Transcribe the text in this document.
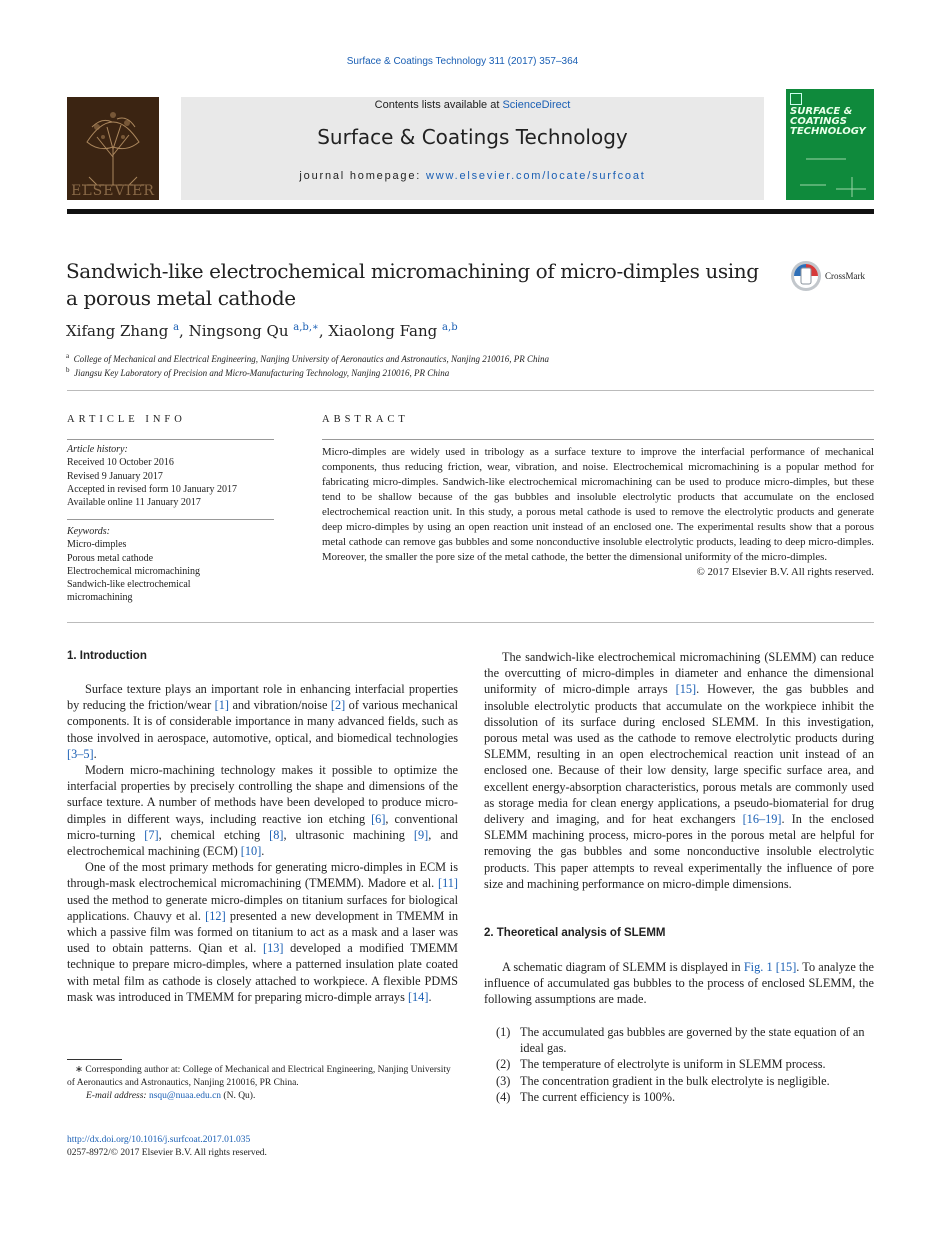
Surface & Coatings Technology 311 (2017) 357–364
ELSEVIER
Contents lists available at ScienceDirect
Surface & Coatings Technology
journal homepage: www.elsevier.com/locate/surfcoat
SURFACE & COATINGS TECHNOLOGY
Sandwich-like electrochemical micromachining of micro-dimples using a porous metal cathode
CrossMark
Xifang Zhang $^a$, Ningsong Qu $^{a,b,∗}$, Xiaolong Fang $^{a,b}$
$^a$ College of Mechanical and Electrical Engineering, Nanjing University of Aeronautics and Astronautics, Nanjing 210016, PR China
$^b$ Jiangsu Key Laboratory of Precision and Micro-Manufacturing Technology, Nanjing 210016, PR China
ARTICLE INFO
Article history:
Received 10 October 2016
Revised 9 January 2017
Accepted in revised form 10 January 2017
Available online 11 January 2017
Keywords:
Micro-dimples
Porous metal cathode
Electrochemical micromachining
Sandwich-like electrochemical micromachining
ABSTRACT
Micro-dimples are widely used in tribology as a surface texture to improve the interfacial performance of mechanical components, thus reducing friction, wear, vibration, and noise. Electrochemical micromachining is a popular method for fabricating micro-dimples. Sandwich-like electrochemical micromachining can be used to produce micro-dimples, but these tend to be shallow because of the gas bubbles and insoluble electrolytic products that accumulate on the enclosed electrochemical reaction unit. In this study, a porous metal cathode is used to remove the electrolytic products and generate deep micro-dimples by using an open reaction unit instead of an enclosed one. The experimental results show that a porous metal cathode can remove gas bubbles and some nonconductive insoluble electrolytic products, leading to deep micro-dimples. Moreover, the smaller the pore size of the metal cathode, the better the dimensional uniformity of the micro-dimples.
© 2017 Elsevier B.V. All rights reserved.
1. Introduction

Surface texture plays an important role in enhancing interfacial properties by reducing the friction/wear [1] and vibration/noise [2] of various mechanical components. It is of considerable importance in many advanced fields, such as those involved in aerospace, automotive, optical, and biomedical technologies [3–5].

Modern micro-machining technology makes it possible to optimize the interfacial properties by precisely controlling the shape and dimensions of the surface texture. A number of methods have been developed to produce micro-dimples in different ways, including reactive ion etching [6], conventional micro-turning [7], chemical etching [8], ultrasonic machining [9], and electrochemical machining (ECM) [10].

One of the most primary methods for generating micro-dimples in ECM is through-mask electrochemical micromachining (TMEMM). Madore et al. [11] used the method to generate micro-dimples on titanium surfaces for biological applications. Chauvy et al. [12] presented a new development in TMEMM in which a passive film was formed on titanium to act as a mask and a laser was used to obtain patterns. Qian et al. [13] developed a modified TMEMM technique to prepare micro-dimples, where a patterned insulation plate coated with metal film as cathode is closely attached to workpiece. A flexible PDMS mask was introduced in TMEMM for preparing micro-dimple arrays [14].

The sandwich-like electrochemical micromachining (SLEMM) can reduce the overcutting of micro-dimples in diameter and enhance the dimensional uniformity of micro-dimple arrays [15]. However, the gas bubbles and insoluble electrolytic products that accumulate on the workpiece inhibit the dissolution of its surface during enclosed SLEMM. In this investigation, porous metal was used as the cathode to remove electrolytic products during SLEMM, resulting in an open electrochemical reaction unit instead of an enclosed one. Because of their low density, large specific surface area, and excellent energy-absorption characteristics, porous metals are commonly used as storage media for clean energy applications, a pseudo-biomaterial for drug delivery and imaging, and for heat exchangers [16–19]. In the enclosed SLEMM machining process, micro-pores in the porous metal are helpful for removing the gas bubbles and some nonconductive insoluble electrolytic products. This paper attempts to reveal experimentally the influence of pore size and machining performance on micro-dimple dimensions.

2. Theoretical analysis of SLEMM

A schematic diagram of SLEMM is displayed in Fig. 1 [15]. To analyze the influence of accumulated gas bubbles to the process of enclosed SLEMM, the following assumptions are made.

(1) The accumulated gas bubbles are governed by the state equation of an ideal gas.
(2) The temperature of electrolyte is uniform in SLEMM process.
(3) The concentration gradient in the bulk electrolyte is negligible.
(4) The current efficiency is 100%.
∗ Corresponding author at: College of Mechanical and Electrical Engineering, Nanjing University of Aeronautics and Astronautics, Nanjing 210016, PR China.
E-mail address: nsqu@nuaa.edu.cn (N. Qu).
http://dx.doi.org/10.1016/j.surfcoat.2017.01.035
0257-8972/© 2017 Elsevier B.V. All rights reserved.
